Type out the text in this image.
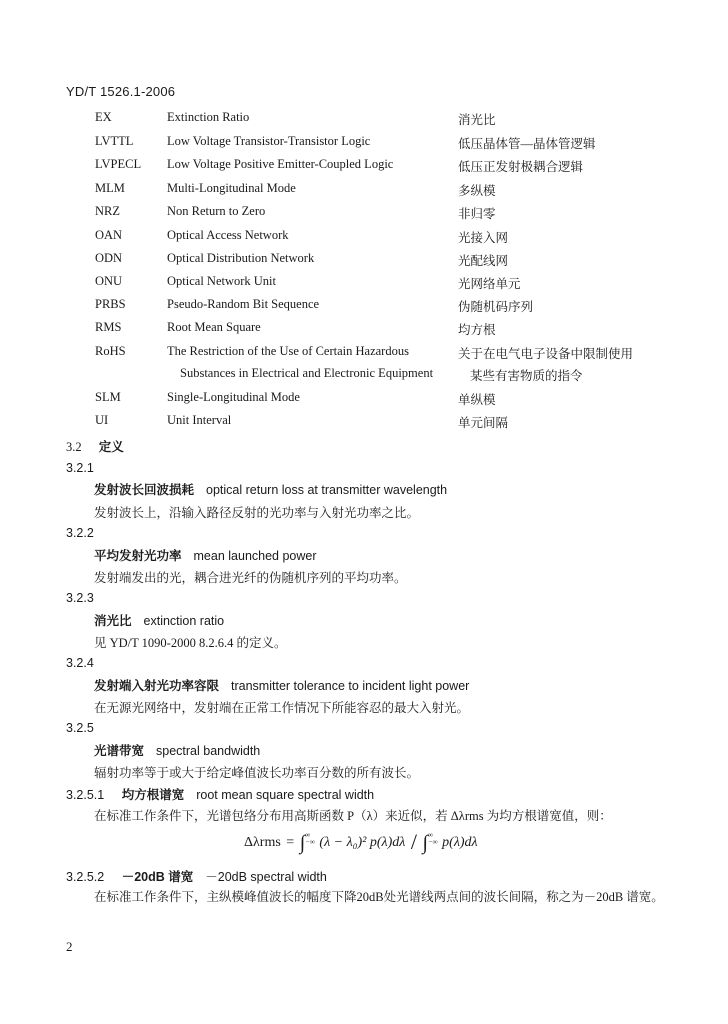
YD/T 1526.1-2006
EX	Extinction Ratio	消光比
LVTTL	Low Voltage Transistor-Transistor Logic	低压晶体管—晶体管逻辑
LVPECL Low Voltage Positive Emitter-Coupled Logic	低压正发射极耦合逻辑
MLM	Multi-Longitudinal Mode	多纵模
NRZ	Non Return to Zero	非归零
OAN	Optical Access Network	光接入网
ODN	Optical Distribution Network	光配线网
ONU	Optical Network Unit	光网络单元
PRBS	Pseudo-Random Bit Sequence	伪随机码序列
RMS	Root Mean Square	均方根
RoHS	The Restriction of the Use of Certain Hazardous	关于在电气电子设备中限制使用
Substances in Electrical and Electronic Equipment	某些有害物质的指令
SLM	Single-Longitudinal Mode	单纵模
UI	Unit Interval	单元间隔
3.2 定义
3.2.1
发射波长回波损耗 optical return loss at transmitter wavelength
发射波长上，沿输入路径反射的光功率与入射光功率之比。
3.2.2
平均发射光功率 mean launched power
发射端发出的光，耦合进光纤的伪随机序列的平均功率。
3.2.3
消光比 extinction ratio
见 YD/T 1090-2000 8.2.6.4 的定义。
3.2.4
发射端入射光功率容限 transmitter tolerance to incident light power
在无源光网络中，发射端在正常工作情况下所能容忍的最大入射光。
3.2.5
光谱带宽 spectral bandwidth
辐射功率等于或大于给定峰值波长功率百分数的所有波长。
3.2.5.1 均方根谱宽 root mean square spectral width
在标准工作条件下，光谱包络分布用高斯函数 P（λ）来近似，若 Δλrms 为均方根谱宽值，则：
Δλrms = ∫∞
−∞ (λ − λ₀)² p(λ)dλ / ∫∞
−∞ p(λ)dλ
3.2.5.2 －20dB 谱宽 －20dB spectral width
在标准工作条件下，主纵模峰值波长的幅度下降20dB处光谱线两点间的波长间隔，称之为－20dB 谱宽。
2
